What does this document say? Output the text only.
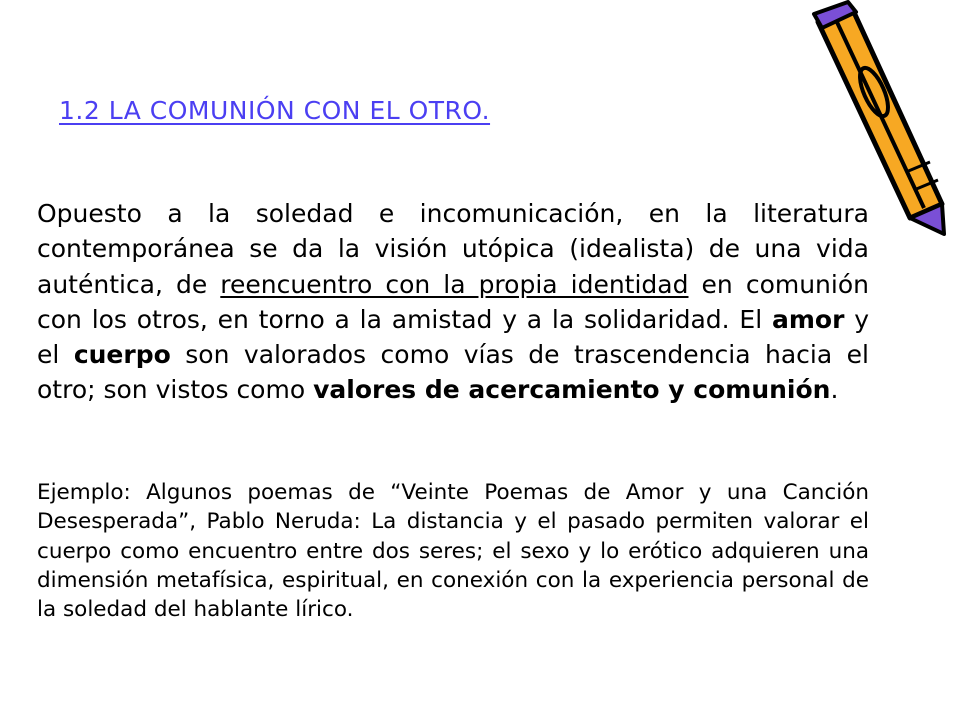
1.2 LA COMUNIÓN CON EL OTRO.

Opuesto a la soledad e incomunicación, en la literatura contemporánea se da la visión utópica (idealista) de una vida auténtica, de reencuentro con la propia identidad en comunión con los otros, en torno a la amistad y a la solidaridad. El amor y el cuerpo son valorados como vías de trascendencia hacia el otro; son vistos como valores de acercamiento y comunión.

Ejemplo: Algunos poemas de “Veinte Poemas de Amor y una Canción Desesperada”, Pablo Neruda: La distancia y el pasado permiten valorar el cuerpo como encuentro entre dos seres; el sexo y lo erótico adquieren una dimensión metafísica, espiritual, en conexión con la experiencia personal de la soledad del hablante lírico.
